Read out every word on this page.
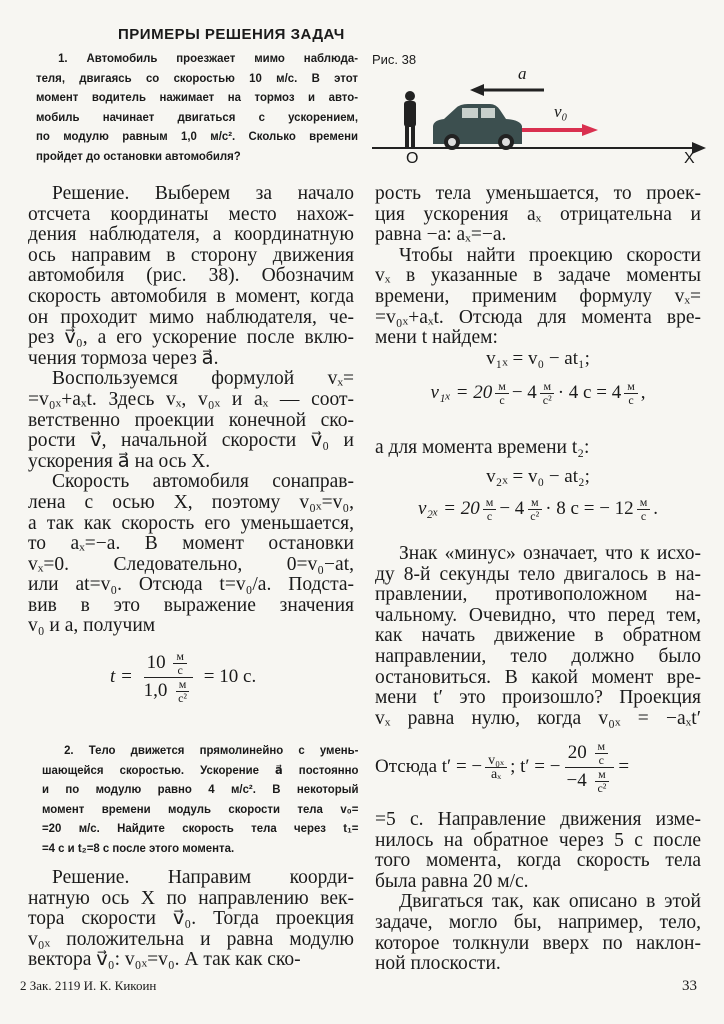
ПРИМЕРЫ РЕШЕНИЯ ЗАДАЧ
1. Автомобиль проезжает мимо наблюда-
теля, двигаясь со скоростью 10 м/с. В этот
момент водитель нажимает на тормоз и авто-
мобиль начинает двигаться с ускорением,
по модулю равным 1,0 м/с². Сколько времени
пройдет до остановки автомобиля?
Рис. 38
a
v₀
O	X
Решение. Выберем за начало
отсчета координаты место нахож-
дения наблюдателя, а координатную
ось направим в сторону движения
автомобиля (рис. 38). Обозначим
скорость автомобиля в момент, когда
он проходит мимо наблюдателя, че-
рез v⃗₀, а его ускорение после вклю-
чения тормоза через a⃗.
Воспользуемся формулой vₓ=
=v₀ₓ+aₓt. Здесь vₓ, v₀ₓ и aₓ — соот-
ветственно проекции конечной ско-
рости v⃗, начальной скорости v⃗₀ и
ускорения a⃗ на ось X.
Скорость автомобиля сонаправ-
лена с осью X, поэтому v₀ₓ=v₀,
а так как скорость его уменьшается,
то aₓ=−a. В момент остановки
vₓ=0. Следовательно, 0=v₀−at,
или at=v₀. Отсюда t=v₀/a. Подста-
вив в это выражение значения
v₀ и a, получим
$t = \frac{10 \frac{м}{с}}{1,0 \frac{м}{\text{с²}}} = 10$ с.
2. Тело движется прямолинейно с умень-
шающейся скоростью. Ускорение a⃗ постоянно
и по модулю равно 4 м/с². В некоторый
момент времени модуль скорости тела v₀=
=20 м/с. Найдите скорость тела через t₁=
=4 с и t₂=8 с после этого момента.
Решение. Направим коорди-
натную ось X по направлению век-
тора скорости v⃗₀. Тогда проекция
v₀ₓ положительна и равна модулю
вектора v⃗₀: v₀ₓ=v₀. А так как ско-
рость тела уменьшается, то проек-
ция ускорения aₓ отрицательна и
равна −a: aₓ=−a.
Чтобы найти проекцию скорости
vₓ в указанные в задаче моменты
времени, применим формулу vₓ=
=v₀ₓ+aₓt. Отсюда для момента вре-
мени t найдем:
v₁ₓ = v₀ − at₁;
$v_{1x} = 20 \frac{м}{с} - 4 \frac{м}{\text{с²}} \cdot 4$ $с = 4 \frac{м}{с}$ ,
а для момента времени t₂:
v₂ₓ = v₀ − at₂;
$v_{2x} = 20 \frac{м}{с} - 4 \frac{м}{\text{с²}} \cdot 8$ с = − $12 \frac{м}{с}$ .
Знак «минус» означает, что к исхо-
ду 8-й секунды тело двигалось в на-
правлении, противоположном на-
чальному. Очевидно, что перед тем,
как начать движение в обратном
направлении, тело должно было
остановиться. В какой момент вре-
мени t′ это произошло? Проекция
vₓ равна нулю, когда v₀ₓ = −aₓt′
Отсюда t′ = − $\frac{\text{v₀ₓ}}{\text{aₓ}}$ ; t′ = − $\frac{20 \frac{м}{с}}{-4 \frac{м}{\text{с²}}}$ =
=5 с. Направление движения изме-
нилось на обратное через 5 с после
того момента, когда скорость тела
была равна 20 м/с.
Двигаться так, как описано в этой
задаче, могло бы, например, тело,
которое толкнули вверх по наклон-
ной плоскости.
2 Зак. 2119 И. К. Кикоин	33
